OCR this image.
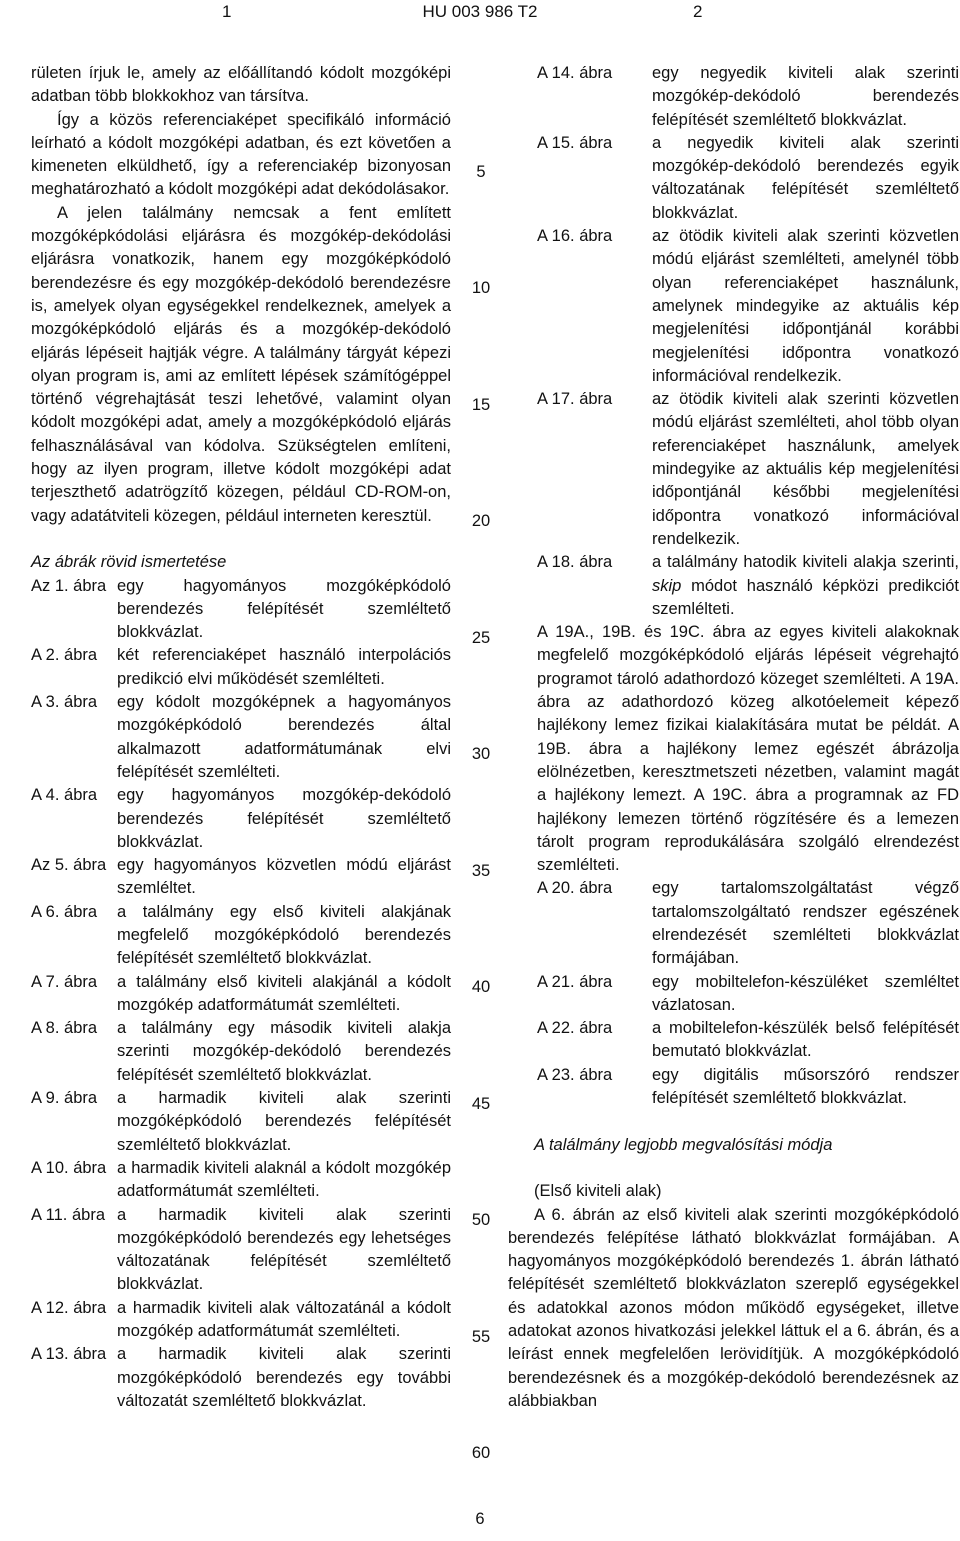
1	HU 003 986 T2	2

rületen írjuk le, amely az előállítandó kódolt mozgóképi adatban több blokkokhoz van társítva.

Így a közös referenciaképet specifikáló információ leírható a kódolt mozgóképi adatban, és ezt követően a kimeneten elküldhető, így a referenciakép bizonyosan meghatározható a kódolt mozgóképi adat dekódolásakor.

A jelen találmány nemcsak a fent említett mozgóképkódolási eljárásra és mozgókép-dekódolási eljárásra vonatkozik, hanem egy mozgóképkódoló berendezésre és egy mozgókép-dekódoló berendezésre is, amelyek olyan egységekkel rendelkeznek, amelyek a mozgóképkódoló eljárás és a mozgókép-dekódoló eljárás lépéseit hajtják végre. A találmány tárgyát képezi olyan program is, ami az említett lépések számítógéppel történő végrehajtását teszi lehetővé, valamint olyan kódolt mozgóképi adat, amely a mozgóképkódoló eljárás felhasználásával van kódolva. Szükségtelen említeni, hogy az ilyen program, illetve kódolt mozgóképi adat terjeszthető adatrögzítő közegen, például CD-ROM-on, vagy adatátviteli közegen, például interneten keresztül.

Az ábrák rövid ismertetése

Az 1. ábra egy hagyományos mozgóképkódoló berendezés felépítését szemléltető blokkvázlat.
A 2. ábra két referenciaképet használó interpolációs predikció elvi működését szemlélteti.
A 3. ábra egy kódolt mozgóképnek a hagyományos mozgóképkódoló berendezés által alkalmazott adatformátumának elvi felépítését szemlélteti.
A 4. ábra egy hagyományos mozgókép-dekódoló berendezés felépítését szemléltető blokkvázlat.
Az 5. ábra egy hagyományos közvetlen módú eljárást szemléltet.
A 6. ábra a találmány egy első kiviteli alakjának megfelelő mozgóképkódoló berendezés felépítését szemléltető blokkvázlat.
A 7. ábra a találmány első kiviteli alakjánál a kódolt mozgókép adatformátumát szemlélteti.
A 8. ábra a találmány egy második kiviteli alakja szerinti mozgókép-dekódoló berendezés felépítését szemléltető blokkvázlat.
A 9. ábra a harmadik kiviteli alak szerinti mozgóképkódoló berendezés felépítését szemléltető blokkvázlat.
A 10. ábra a harmadik kiviteli alaknál a kódolt mozgókép adatformátumát szemlélteti.
A 11. ábra a harmadik kiviteli alak szerinti mozgóképkódoló berendezés egy lehetséges változatának felépítését szemléltető blokkvázlat.
A 12. ábra a harmadik kiviteli alak változatánál a kódolt mozgókép adatformátumát szemlélteti.
A 13. ábra a harmadik kiviteli alak szerinti mozgóképkódoló berendezés egy további változatát szemléltető blokkvázlat.
5
10
15
20
25
30
35
40
45
50
55
60
A 14. ábra	egy negyedik kiviteli alak szerinti mozgókép-dekódoló berendezés felépítését szemléltető blokkvázlat.
A 15. ábra	a negyedik kiviteli alak szerinti mozgókép-dekódoló berendezés egyik változatának felépítését szemléltető blokkvázlat.
A 16. ábra	az ötödik kiviteli alak szerinti közvetlen módú eljárást szemlélteti, amelynél több olyan referenciaképet használunk, amelynek mindegyike az aktuális kép megjelenítési időpontjánál korábbi megjelenítési időpontra vonatkozó információval rendelkezik.
A 17. ábra	az ötödik kiviteli alak szerinti közvetlen módú eljárást szemlélteti, ahol több olyan referenciaképet használunk, amelyek mindegyike az aktuális kép megjelenítési időpontjánál későbbi megjelenítési időpontra vonatkozó információval rendelkezik.
A 18. ábra	a találmány hatodik kiviteli alakja szerinti, skip módot használó képközi predikciót szemlélteti.
A 19A., 19B. és 19C. ábra az egyes kiviteli alakoknak megfelelő mozgóképkódoló eljárás lépéseit végrehajtó programot tároló adathordozó közeget szemlélteti. A 19A. ábra az adathordozó közeg alkotóelemeit képező hajlékony lemez fizikai kialakítására mutat be példát. A 19B. ábra a hajlékony lemez egészét ábrázolja elölnézetben, keresztmetszeti nézetben, valamint magát a hajlékony lemezt. A 19C. ábra a programnak az FD hajlékony lemezen történő rögzítésére és a lemezen tárolt program reprodukálására szolgáló elrendezést szemlélteti.
A 20. ábra	egy tartalomszolgáltatást végző tartalomszolgáltató rendszer egészének elrendezését szemlélteti blokkvázlat formájában.
A 21. ábra	egy mobiltelefon-készüléket szemléltet vázlatosan.
A 22. ábra	a mobiltelefon-készülék belső felépítését bemutató blokkvázlat.
A 23. ábra	egy digitális műsorszóró rendszer felépítését szemléltető blokkvázlat.

A találmány legjobb megvalósítási módja

(Első kiviteli alak)

A 6. ábrán az első kiviteli alak szerinti mozgóképkódoló berendezés felépítése látható blokkvázlat formájában. A hagyományos mozgóképkódoló berendezés 1. ábrán látható felépítését szemléltető blokkvázlaton szereplő egységekkel és adatokkal azonos módon működő egységeket, illetve adatokat azonos hivatkozási jelekkel láttuk el a 6. ábrán, és a leírást ennek megfelelően lerövidítjük. A mozgóképkódoló berendezésnek és a mozgókép-dekódoló berendezésnek az alábbiakban

6
